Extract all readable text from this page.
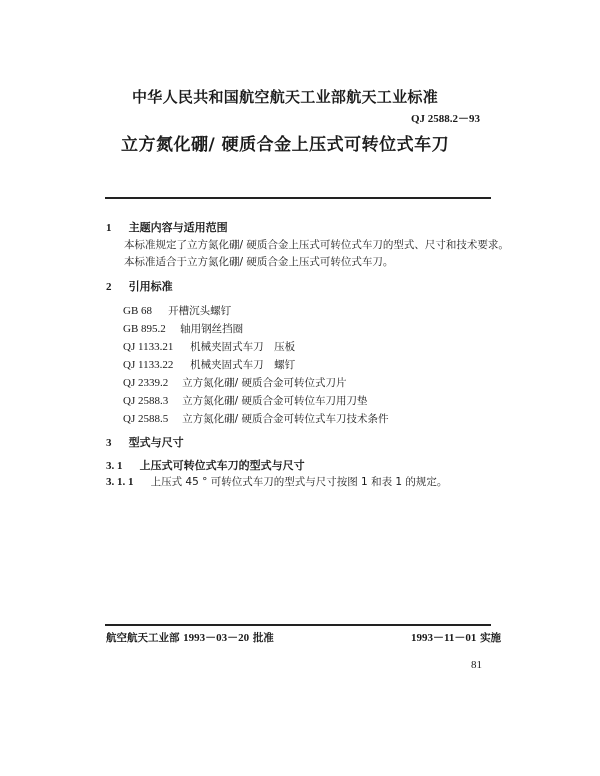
中华人民共和国航空航天工业部航天工业标准
QJ 2588.2－93
立方氮化硼/ 硬质合金上压式可转位式车刀
1 主题内容与适用范围
本标准规定了立方氮化硼/ 硬质合金上压式可转位式车刀的型式、尺寸和技术要求。
本标准适合于立方氮化硼/ 硬质合金上压式可转位式车刀。
2 引用标准
GB 68 开槽沉头螺钉
GB 895.2 轴用钢丝挡圈
QJ 1133.21 机械夹固式车刀　压板
QJ 1133.22 机械夹固式车刀　螺钉
QJ 2339.2 立方氮化硼/ 硬质合金可转位式刀片
QJ 2588.3 立方氮化硼/ 硬质合金可转位车刀用刀垫
QJ 2588.5 立方氮化硼/ 硬质合金可转位式车刀技术条件
3 型式与尺寸
3. 1 上压式可转位式车刀的型式与尺寸
3. 1. 1 上压式 45 ° 可转位式车刀的型式与尺寸按图 1 和表 1 的规定。
航空航天工业部 1993－03－20 批准	1993－11－01 实施
81
